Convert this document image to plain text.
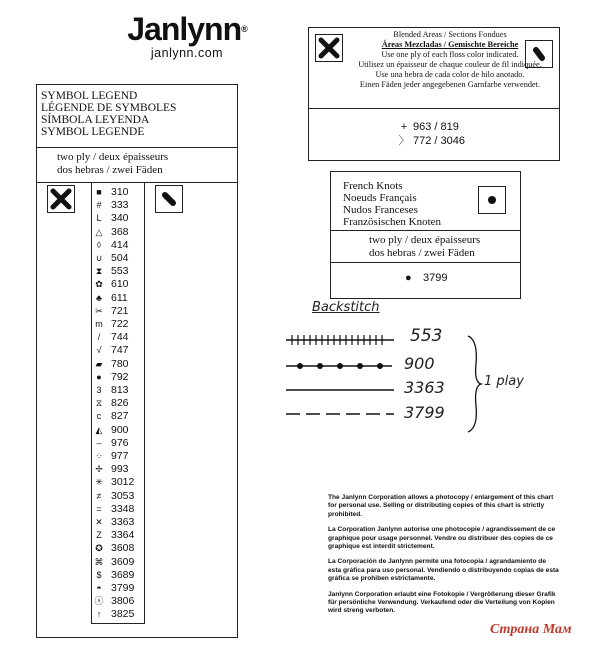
Janlynn®
janlynn.com
SYMBOL LEGEND
LÉGENDE DE SYMBOLES
SÍMBOLA LEYENDA
SYMBOL LEGENDE
two ply / deux épaisseurs
dos hebras / zwei Fäden
■ 310
# 333
L 340
△ 368
◊ 414
∪ 504
⧗ 553
✿ 610
♣ 611
✂ 721
m 722
/	744
√ 747
▰ 780
● 792
3 813
⧖ 826
c 827
◭ 900
– 976
⁘ 977
✢ 993
✳ 3012
≠ 3053
= 3348
✕ 3363
Z 3364
✪ 3608
⌘ 3609
$ 3689
◓ 3799
ⓢ 3806
↑ 3825
Blended Areas / Sections Fondues
Áreas Mezcladas / Gemischte Bereiche
Use one ply of each floss color indicated.
Utilisez un épaisseur de chaque couleur de fil indiquée.
Use una hebra de cada color de hilo anotado.
Einen Fäden jeder angegebenen Garnfarbe verwendet.
+ 963 / 819
〉 772 / 3046
French Knots
Noeuds Français
Nudos Franceses
Französischen Knoten
two ply / deux épaisseurs
dos hebras / zwei Fäden
● 3799
Backstitch
553
900
3363
3799
1 play

The Janlynn Corporation allows a photocopy / enlargement of this chart for personal use. Selling or distributing copies of this chart is strictly prohibited.

La Corporation Janlynn autorise une photocopie / agrandissement de ce graphique pour usage personnel. Vendre ou distribuer des copies de ce graphique est interdit strictement.

La Corporación de Janlynn permite una fotocopia / agrandamiento de esta gráfica para uso personal. Vendiendo o distribuyendo copias de esta gráfica se prohiben estrictamente.

Janlynn Corporation erlaubt eine Fotokopie / Vergrößerung dieser Grafik für persönliche Verwendung. Verkaufend oder die Verteilung von Kopien wird streng verboten.

Страна Мам
